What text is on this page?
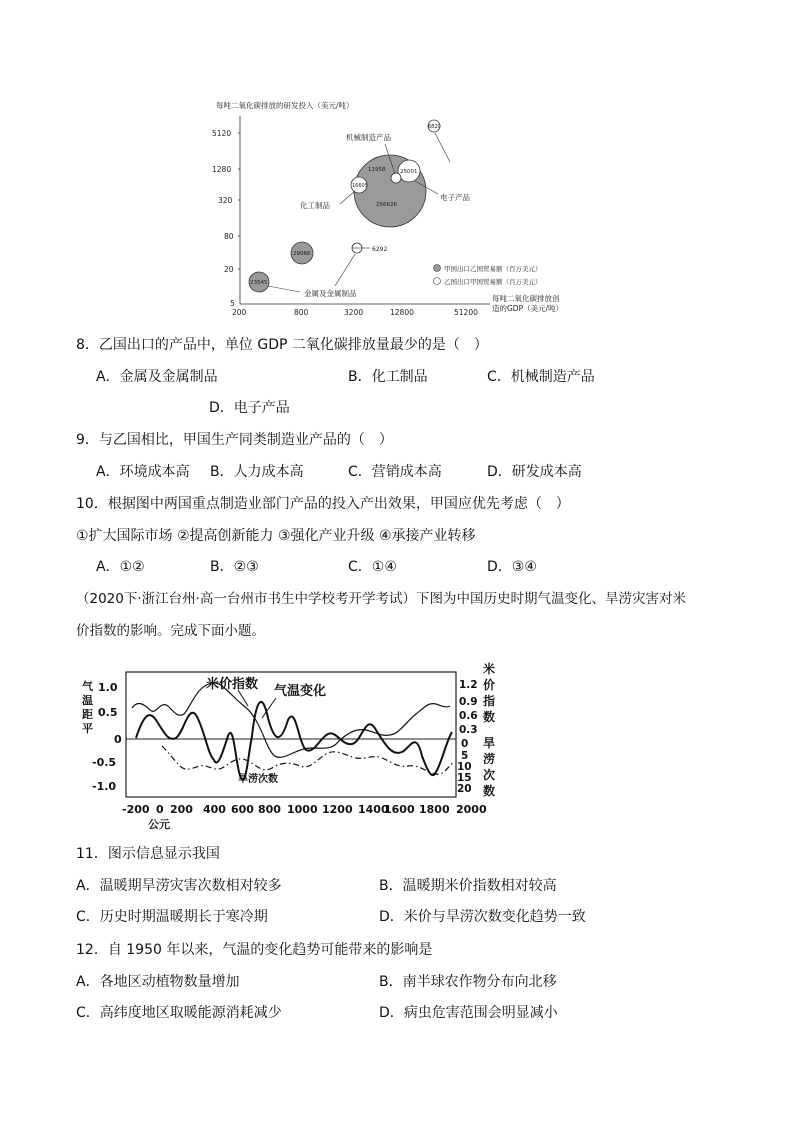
每吨二氧化碳排放的研发投入（美元/吨）
5120
1280
320
80
20
5
200	800	3200	12800	51200
每吨二氧化碳排放创
造的GDP（美元/吨）
23545
29066
11958
256626
16605
25001
6820
6292
机械制造产品
化工制品
电子产品
金属及金属制品
甲国出口乙国贸易额（百万美元）
乙国出口甲国贸易额（百万美元）
8．乙国出口的产品中，单位 GDP 二氧化碳排放量最少的是（　）
A．金属及金属制品	B．化工制品	C．机械制造产品
D．电子产品
9．与乙国相比，甲国生产同类制造业产品的（　）
A．环境成本高 B．人力成本高	C．营销成本高	D．研发成本高
10．根据图中两国重点制造业部门产品的投入产出效果，甲国应优先考虑（　）
①扩大国际市场 ②提高创新能力 ③强化产业升级 ④承接产业转移
A．①②	B．②③	C．①④	D．③④
（2020下·浙江台州·高一台州市书生中学校考开学考试）下图为中国历史时期气温变化、旱涝灾害对米
价指数的影响。完成下面小题。
气
温
距
平
1.0
0.5
0
-0.5
-1.0
1.2
0.9
0.6
0.3
0
5
10
15
20
米
价
指
数
旱
涝
次
数
-200 0 200 400 600 800 1000 1200 1400
1600 1800 2000
公元
米价指数 气温变化
旱涝次数
11．图示信息显示我国
A．温暖期旱涝灾害次数相对较多	B．温暖期米价指数相对较高
C．历史时期温暖期长于寒冷期	D．米价与旱涝次数变化趋势一致
12．自 1950 年以来，气温的变化趋势可能带来的影响是
A．各地区动植物数量增加	B．南半球农作物分布向北移
C．高纬度地区取暖能源消耗减少	D．病虫危害范围会明显减小
